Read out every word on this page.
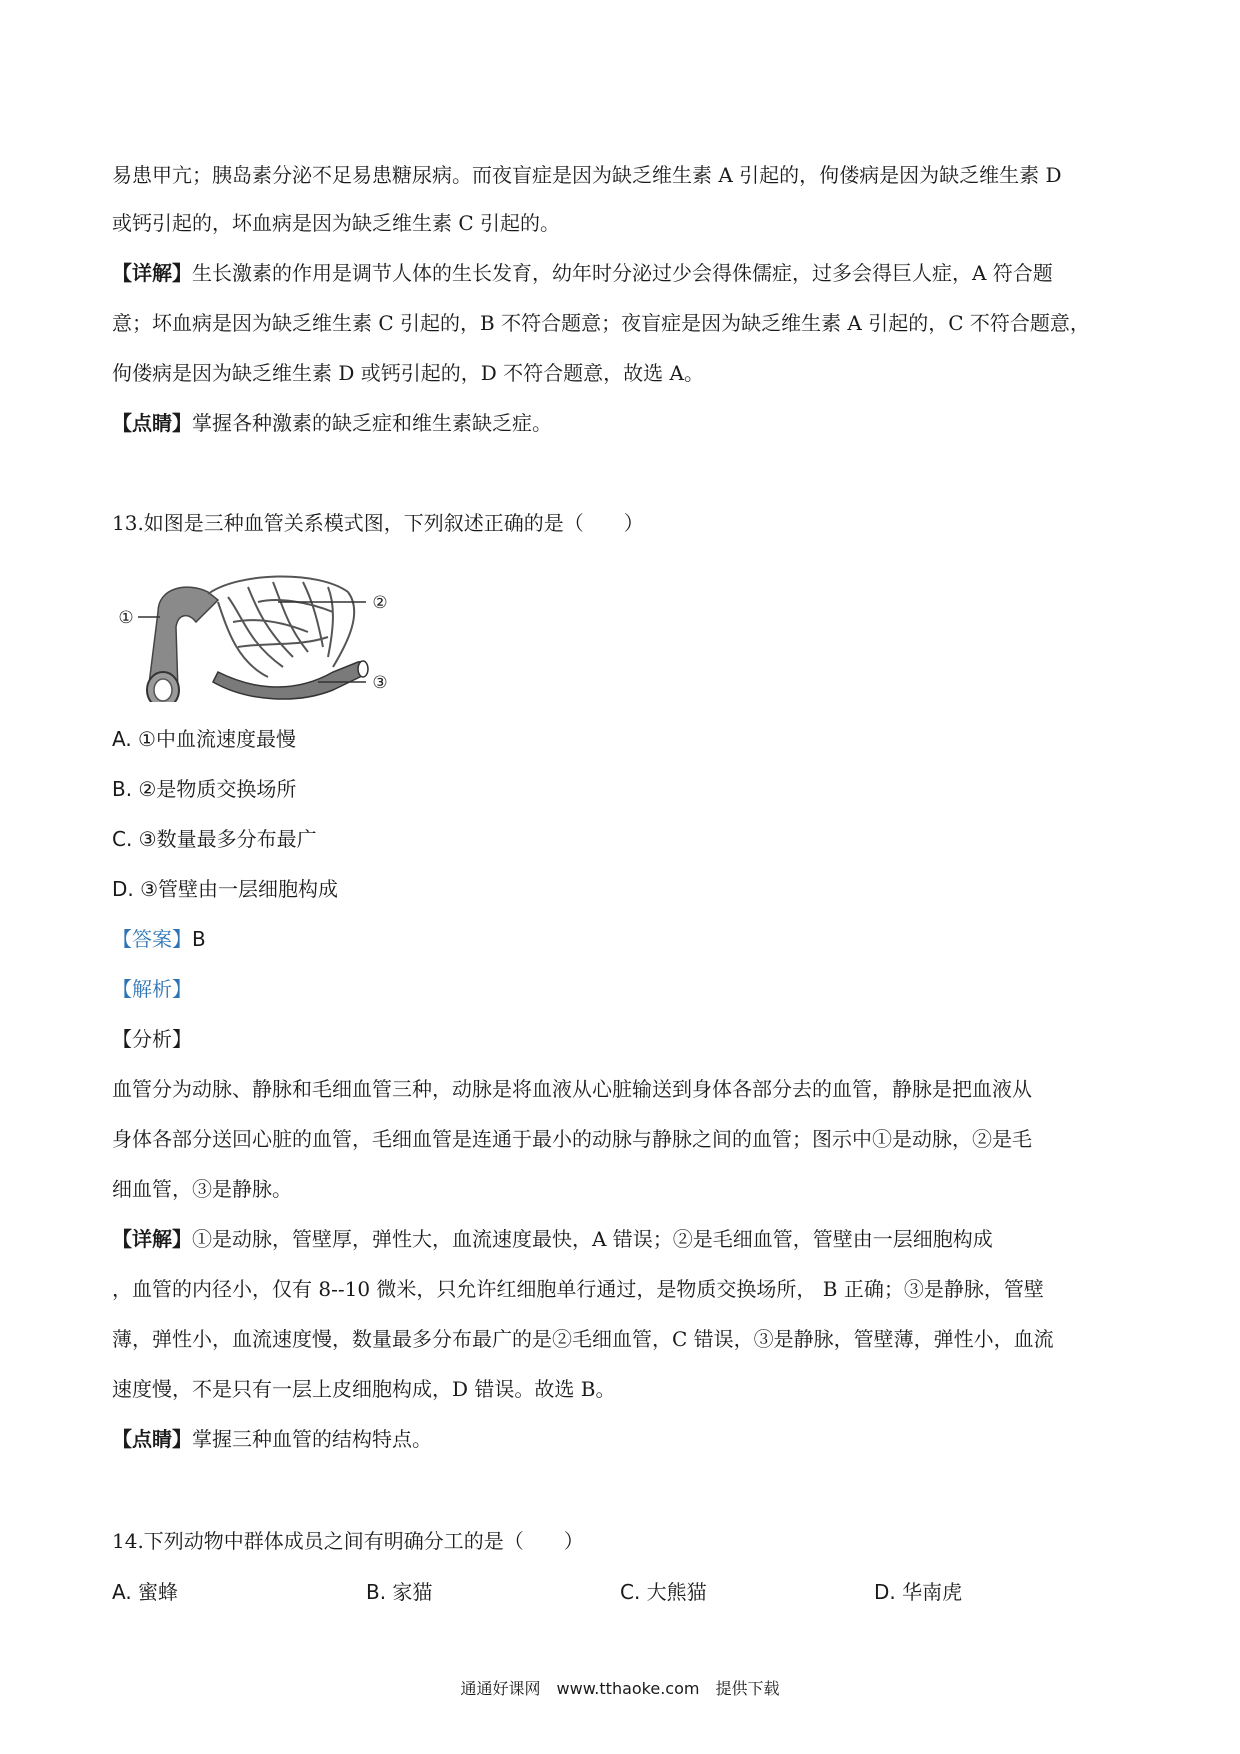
易患甲亢；胰岛素分泌不足易患糖尿病。而夜盲症是因为缺乏维生素 A 引起的，佝偻病是因为缺乏维生素 D
或钙引起的，坏血病是因为缺乏维生素 C 引起的。
【详解】生长激素的作用是调节人体的生长发育，幼年时分泌过少会得侏儒症，过多会得巨人症，A 符合题
意；坏血病是因为缺乏维生素 C 引起的，B 不符合题意；夜盲症是因为缺乏维生素 A 引起的，C 不符合题意，
佝偻病是因为缺乏维生素 D 或钙引起的，D 不符合题意，故选 A。
【点睛】掌握各种激素的缺乏症和维生素缺乏症。
13.如图是三种血管关系模式图，下列叙述正确的是（　　）
①
②
③
A. ①中血流速度最慢
B. ②是物质交换场所
C. ③数量最多分布最广
D. ③管壁由一层细胞构成
【答案】B
【解析】
【分析】
血管分为动脉、静脉和毛细血管三种，动脉是将血液从心脏输送到身体各部分去的血管，静脉是把血液从
身体各部分送回心脏的血管，毛细血管是连通于最小的动脉与静脉之间的血管；图示中①是动脉，②是毛
细血管，③是静脉。
【详解】①是动脉，管壁厚，弹性大，血流速度最快，A 错误；②是毛细血管，管壁由一层细胞构成
，血管的内径小，仅有 8--10 微米，只允许红细胞单行通过，是物质交换场所， B 正确；③是静脉，管壁
薄，弹性小，血流速度慢，数量最多分布最广的是②毛细血管，C 错误，③是静脉，管壁薄，弹性小，血流
速度慢，不是只有一层上皮细胞构成，D 错误。故选 B。
【点睛】掌握三种血管的结构特点。
14.下列动物中群体成员之间有明确分工的是（　　）
A. 蜜蜂	B. 家猫	C. 大熊猫	D. 华南虎
通通好课网　www.tthaoke.com　提供下载
